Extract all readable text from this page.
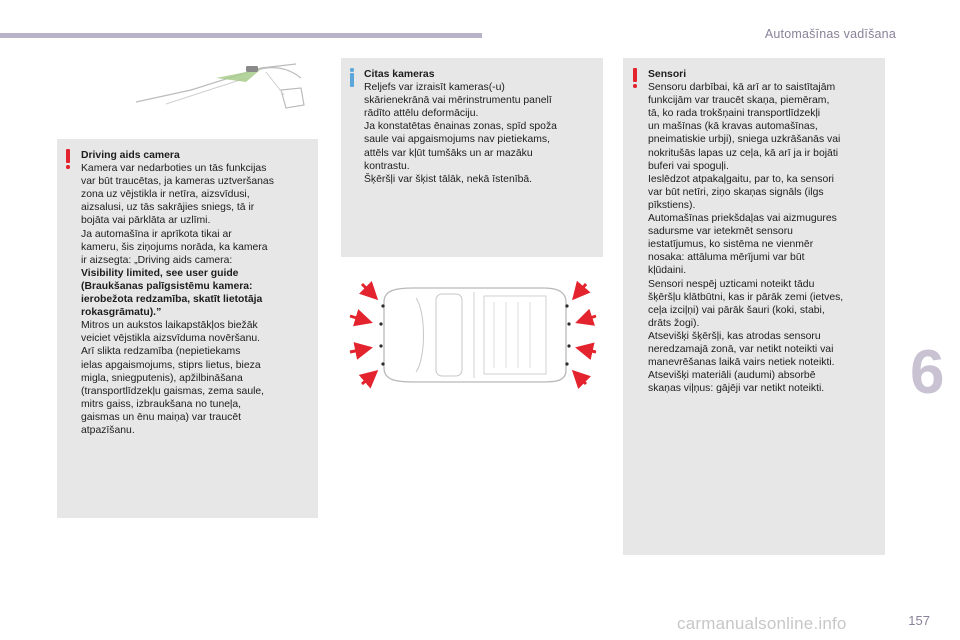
Automašīnas vadīšana
Driving aids camera
Kamera var nedarboties un tās funkcijas
var būt traucētas, ja kameras uztveršanas
zona uz vējstikla ir netīra, aizsvīdusi,
aizsalusi, uz tās sakrājies sniegs, tā ir
bojāta vai pārklāta ar uzlīmi.
Ja automašīna ir aprīkota tikai ar
kameru, šis ziņojums norāda, ka kamera
ir aizsegta: „Driving aids camera:
Visibility limited, see user guide
(Braukšanas palīgsistēmu kamera:
ierobežota redzamība, skatīt lietotāja
rokasgrāmatu).”
Mitros un aukstos laikapstākļos biežāk
veiciet vējstikla aizsvīduma novēršanu.
Arī slikta redzamība (nepietiekams
ielas apgaismojums, stiprs lietus, bieza
migla, sniegputenis), apžilbināšana
(transportlīdzekļu gaismas, zema saule,
mitrs gaiss, izbraukšana no tuneļa,
gaismas un ēnu maiņa) var traucēt
atpazīšanu.
Citas kameras
Reljefs var izraisīt kameras(-u)
skārienekrānā vai mērinstrumentu panelī
rādīto attēlu deformāciju.
Ja konstatētas ēnainas zonas, spīd spoža
saule vai apgaismojums nav pietiekams,
attēls var kļūt tumšāks un ar mazāku
kontrastu.
Šķēršļi var šķist tālāk, nekā īstenībā.
Sensori
Sensoru darbībai, kā arī ar to saistītajām
funkcijām var traucēt skaņa, piemēram,
tā, ko rada trokšņaini transportlīdzekļi
un mašīnas (kā kravas automašīnas,
pneimatiskie urbji), sniega uzkrāšanās vai
nokritušās lapas uz ceļa, kā arī ja ir bojāti
buferi vai spoguļi.
Ieslēdzot atpakaļgaitu, par to, ka sensori
var būt netīri, ziņo skaņas signāls (ilgs
pīkstiens).
Automašīnas priekšdaļas vai aizmugures
sadursme var ietekmēt sensoru
iestatījumus, ko sistēma ne vienmēr
nosaka: attāluma mērījumi var būt
kļūdaini.
Sensori nespēj uzticami noteikt tādu
šķēršļu klātbūtni, kas ir pārāk zemi (ietves,
ceļa izciļņi) vai pārāk šauri (koki, stabi,
drāts žogi).
Atsevišķi šķēršļi, kas atrodas sensoru
neredzamajā zonā, var netikt noteikti vai
manevrēšanas laikā vairs netiek noteikti.
Atsevišķi materiāli (audumi) absorbē
skaņas viļņus: gājēji var netikt noteikti.	6
157
carmanualsonline.info
